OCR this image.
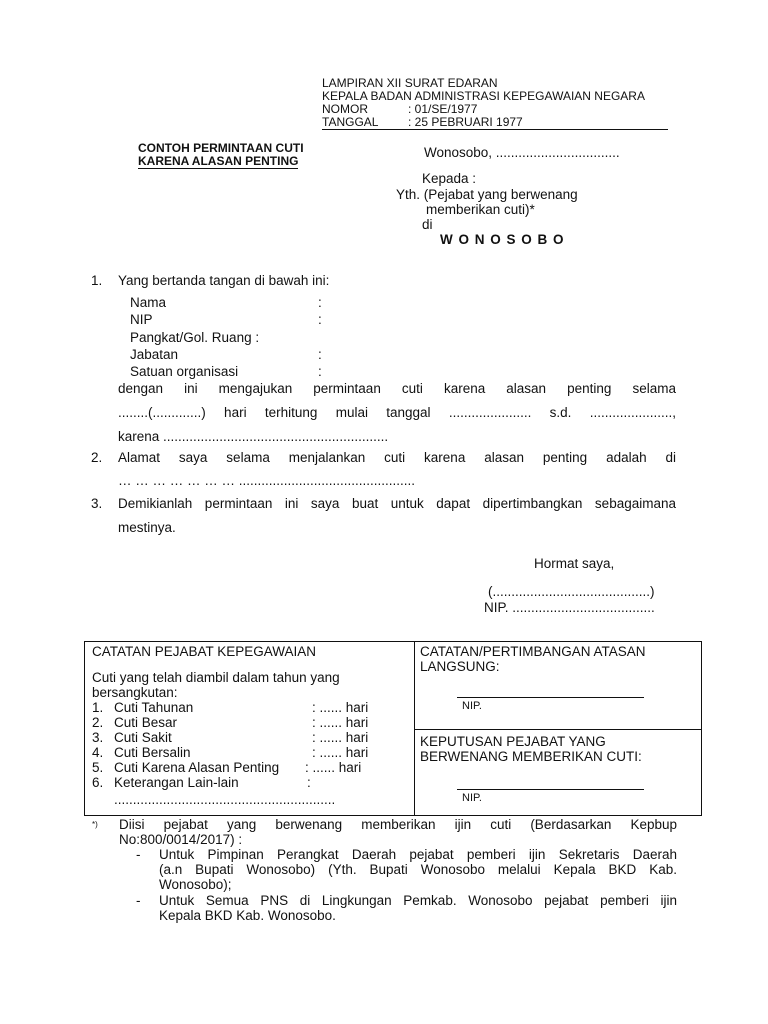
LAMPIRAN XII SURAT EDARAN
KEPALA BADAN ADMINISTRASI KEPEGAWAIAN NEGARA
NOMOR	: 01/SE/1977
TANGGAL : 25 PEBRUARI 1977
CONTOH PERMINTAAN CUTI
KARENA ALASAN PENTING
Wonosobo, .................................
Kepada :
Yth. (Pejabat yang berwenang
memberikan cuti)*
di
W O N O S O B O
1. Yang bertanda tangan di bawah ini:
Nama	:
NIP	:
Pangkat/Gol. Ruang :
Jabatan	:
Satuan organisasi	:
dengan ini mengajukan permintaan cuti karena alasan penting selama
........(.............) hari terhitung mulai tanggal ...................... s.d. ......................,
karena ............................................................
2. Alamat saya selama menjalankan cuti karena alasan penting adalah di
… … … … … … … ...............................................
3. Demikianlah permintaan ini saya buat untuk dapat dipertimbangkan sebagaimana
mestinya.
Hormat saya,
(..........................................)
NIP. ......................................
CATATAN PEJABAT KEPEGAWAIAN
Cuti yang telah diambil dalam tahun yang
bersangkutan:
1. Cuti Tahunan	: ...... hari
2. Cuti Besar	: ...... hari
3. Cuti Sakit	: ...... hari
4. Cuti Bersalin	: ...... hari
5. Cuti Karena Alasan Penting : ...... hari
6. Keterangan Lain-lain	:
...........................................................
CATATAN/PERTIMBANGAN ATASAN
LANGSUNG:
NIP.
KEPUTUSAN PEJABAT YANG
BERWENANG MEMBERIKAN CUTI:
NIP.
*) Diisi pejabat yang berwenang memberikan ijin cuti (Berdasarkan Kepbup
No:800/0014/2017) :
- Untuk Pimpinan Perangkat Daerah pejabat pemberi ijin Sekretaris Daerah
(a.n Bupati Wonosobo) (Yth. Bupati Wonosobo melalui Kepala BKD Kab.
Wonosobo);
- Untuk Semua PNS di Lingkungan Pemkab. Wonosobo pejabat pemberi ijin
Kepala BKD Kab. Wonosobo.
